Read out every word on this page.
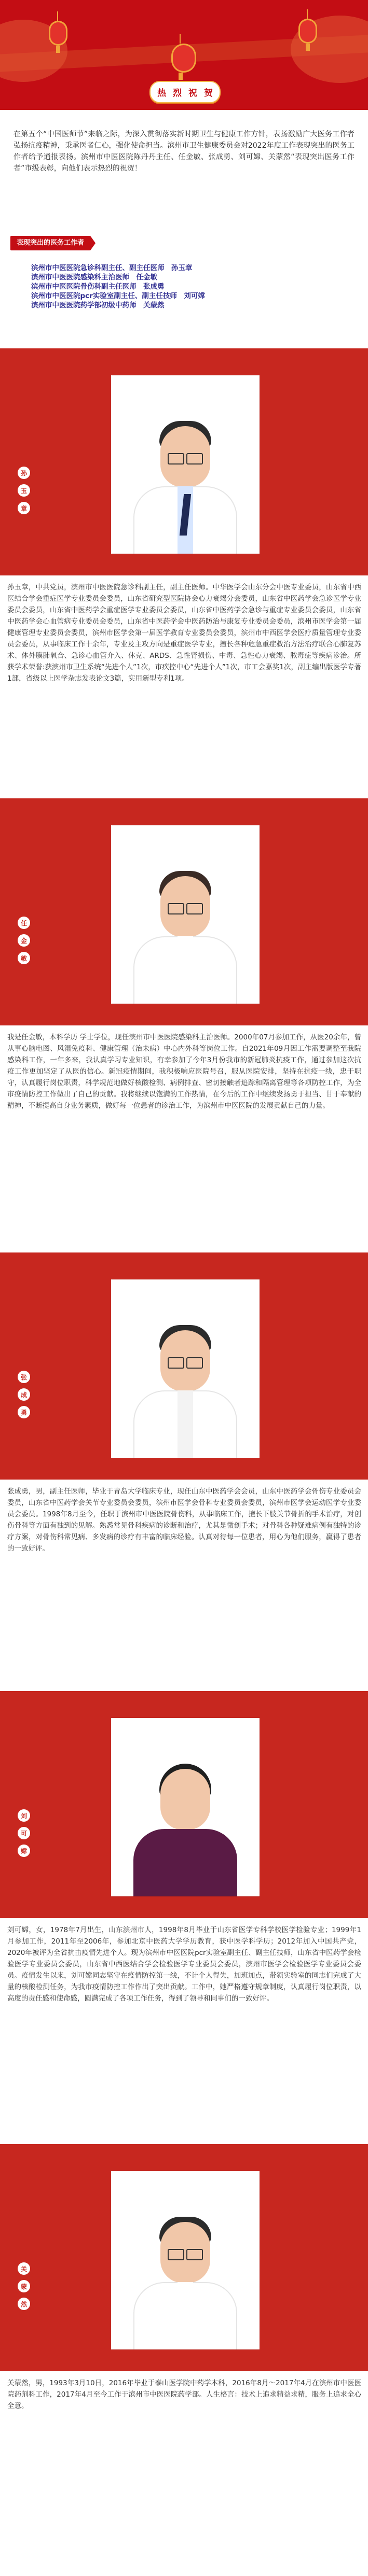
热 烈 祝 贺
在第五个“中国医师节”来临之际，为深入贯彻落实新时期卫生与健康工作方针，表扬激励广大医务工作者弘扬抗疫精神，秉承医者仁心，强化使命担当。滨州市卫生健康委员会对2022年度工作表现突出的医务工作者给予通报表扬。滨州市中医医院陈丹丹主任、任金敏、张成勇、刘可嫦、关蒙然“表现突出医务工作者”市级表彰，向他们表示热烈的祝贺！
表现突出的医务工作者
滨州市中医医院急诊科副主任、副主任医师　孙玉章
滨州市中医医院感染科主治医师　任金敏
滨州市中医医院骨伤科副主任医师　张成勇
滨州市中医医院pcr实验室副主任、副主任技师　刘可嫦
滨州市中医医院药学部初级中药师　关蒙然
孙
玉
章
孙玉章，中共党员，滨州市中医医院急诊科副主任，副主任医师。中华医学会山东分会中医专业委员，山东省中西医结合学会重症医学专业委员会委员，山东省研究型医院协会心力衰竭分会委员，山东省中医药学会急诊医学专业委员会委员，山东省中医药学会重症医学专业委员会委员，山东省中医药学会急诊与重症专业委员会委员，山东省中医药学会心血管病专业委员会委员，山东省中医药学会中医药防治与康复专业委员会委员，滨州市医学会第一届健康管理专业委员会委员，滨州市医学会第一届医学教育专业委员会委员，滨州市中西医学会医疗质量管理专业委员会委员，从事临床工作十余年，专业及主攻方向是重症医学专业，擅长各种危急重症救治方法治疗联合心肺复苏术、体外膜肺氧合、急诊心血管介入、休克、ARDS、急性肾损伤、中毒、急性心力衰竭、脓毒症等疾病诊治。所获学术荣誉:获滨州市卫生系统“先进个人”1次，市疾控中心“先进个人”1次，市工会嘉奖1次，副主编出版医学专著1部，省级以上医学杂志发表论文3篇，实用新型专利1项。
任
金
敏
我是任金敏，本科学历 学士学位，现任滨州市中医医院感染科主治医师。2000年07月参加工作，从医20余年，曾从事心脑电图、风湿免疫科、健康管理（治未病）中心内外科等岗位工作。自2021年09月因工作需要调整至我院感染科工作，一年多来，我认真学习专业知识，有幸参加了今年3月份我市的新冠肺炎抗疫工作，通过参加这次抗疫工作更加坚定了从医的信心。新冠疫情期间，我积极响应医院号召，服从医院安排，坚持在抗疫一线，忠于职守，认真履行岗位职责，科学规范地做好核酸检测、病例排查、密切接触者追踪和隔离管理等各项防控工作，为全市疫情防控工作做出了自己的贡献。我将继续以饱满的工作热情，在今后的工作中继续发扬勇于担当、甘于奉献的精神，不断提高自身业务素质，做好每一位患者的诊治工作，为滨州市中医医院的发展贡献自己的力量。
张
成
勇
张成勇，男，副主任医师，毕业于青岛大学临床专业，现任山东中医药学会会员，山东中医药学会骨伤专业委员会委员，山东省中医药学会关节专业委员会委员，滨州市医学会骨科专业委员会委员，滨州市医学会运动医学专业委员会委员。1998年8月至今，任职于滨州市中医医院骨伤科，从事临床工作，擅长下肢关节骨折的手术治疗，对创伤骨科等方面有独到的见解。熟悉常见骨科疾病的诊断和治疗，尤其是微创手术；对骨科各种疑难病例有独特的诊疗方案，对骨伤科常见病、多发病的诊疗有丰富的临床经验。认真对待每一位患者，用心为他们服务，赢得了患者的一致好评。
刘
可
嫦
刘可嫦，女，1978年7月出生，山东滨州市人，1998年8月毕业于山东省医学专科学校医学检验专业；1999年1月参加工作，2011年至2006年，参加北京中医药大学学历教育，获中医学科学历；2012年加入中国共产党，2020年被评为全省抗击疫情先进个人。现为滨州市中医医院pcr实验室副主任、副主任技师，山东省中医药学会检验医学专业委员会委员，山东省中西医结合学会检验医学专业委员会委员，滨州市医学会检验医学专业委员会委员。疫情发生以来，刘可嫦同志坚守在疫情防控第一线，不计个人得失，加班加点，带领实验室的同志们完成了大量的核酸检测任务，为我市疫情防控工作作出了突出贡献。工作中，她严格遵守规章制度，认真履行岗位职责，以高度的责任感和使命感，圆满完成了各项工作任务，得到了领导和同事们的一致好评。
关
蒙
然
关蒙然，男，1993年3月10日，2016年毕业于泰山医学院中药学本科，2016年8月～2017年4月在滨州市中医医院药剂科工作，2017年4月至今工作于滨州市中医医院药学部。人生格言：技术上追求精益求精，服务上追求全心全意。
